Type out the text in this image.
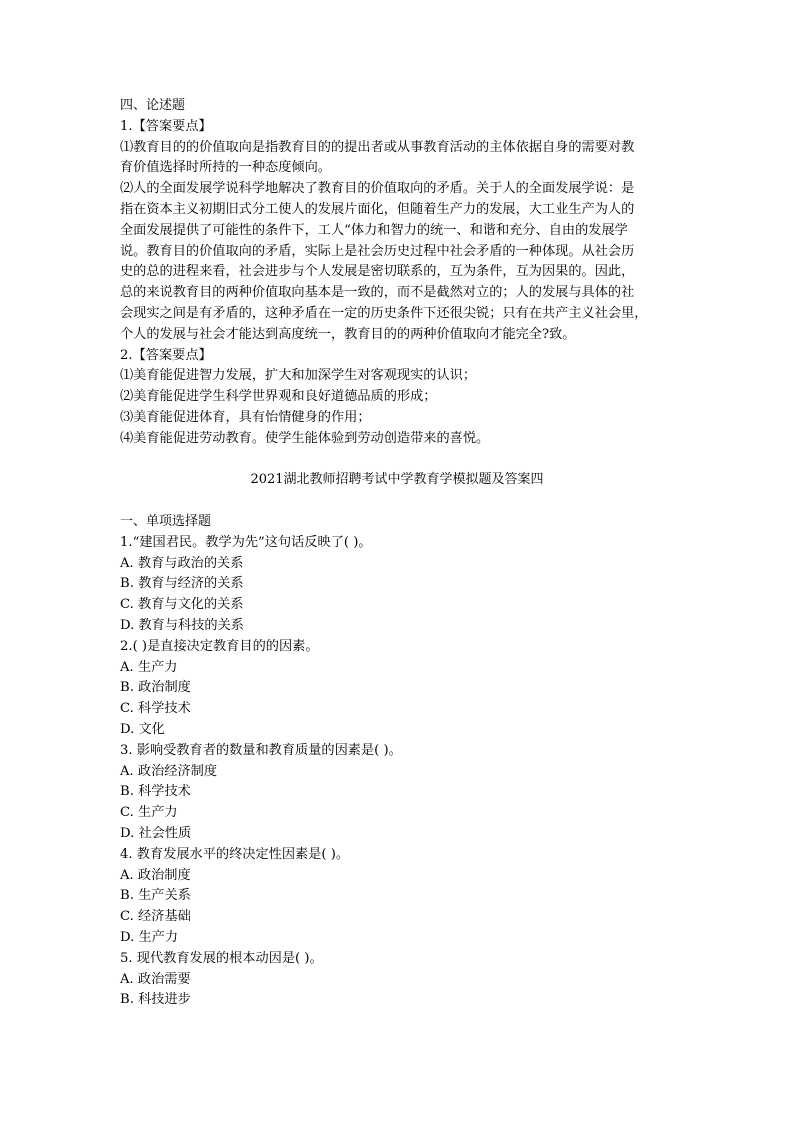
四、论述题
1.【答案要点】
⑴教育目的的价值取向是指教育目的的提出者或从事教育活动的主体依据自身的需要对教
育价值选择时所持的一种态度倾向。
⑵人的全面发展学说科学地解决了教育目的价值取向的矛盾。关于人的全面发展学说：是
指在资本主义初期旧式分工使人的发展片面化，但随着生产力的发展，大工业生产为人的
全面发展提供了可能性的条件下，工人“体力和智力的统一、和谐和充分、自由的发展学
说。教育目的价值取向的矛盾，实际上是社会历史过程中社会矛盾的一种体现。从社会历
史的总的进程来看，社会进步与个人发展是密切联系的，互为条件，互为因果的。因此，
总的来说教育目的两种价值取向基本是一致的，而不是截然对立的；人的发展与具体的社
会现实之间是有矛盾的，这种矛盾在一定的历史条件下还很尖锐；只有在共产主义社会里，
个人的发展与社会才能达到高度统一，教育目的的两种价值取向才能完全?致。
2.【答案要点】
⑴美育能促进智力发展，扩大和加深学生对客观现实的认识；
⑵美育能促进学生科学世界观和良好道德品质的形成；
⑶美育能促进体育，具有怡情健身的作用；
⑷美育能促进劳动教育。使学生能体验到劳动创造带来的喜悦。
2021湖北教师招聘考试中学教育学模拟题及答案四
一、单项选择题
1.“建国君民。教学为先”这句话反映了( )。
A. 教育与政治的关系
B. 教育与经济的关系
C. 教育与文化的关系
D. 教育与科技的关系
2.( )是直接决定教育目的的因素。
A. 生产力
B. 政治制度
C. 科学技术
D. 文化
3. 影响受教育者的数量和教育质量的因素是( )。
A. 政治经济制度
B. 科学技术
C. 生产力
D. 社会性质
4. 教育发展水平的终决定性因素是( )。
A. 政治制度
B. 生产关系
C. 经济基础
D. 生产力
5. 现代教育发展的根本动因是( )。
A. 政治需要
B. 科技进步
